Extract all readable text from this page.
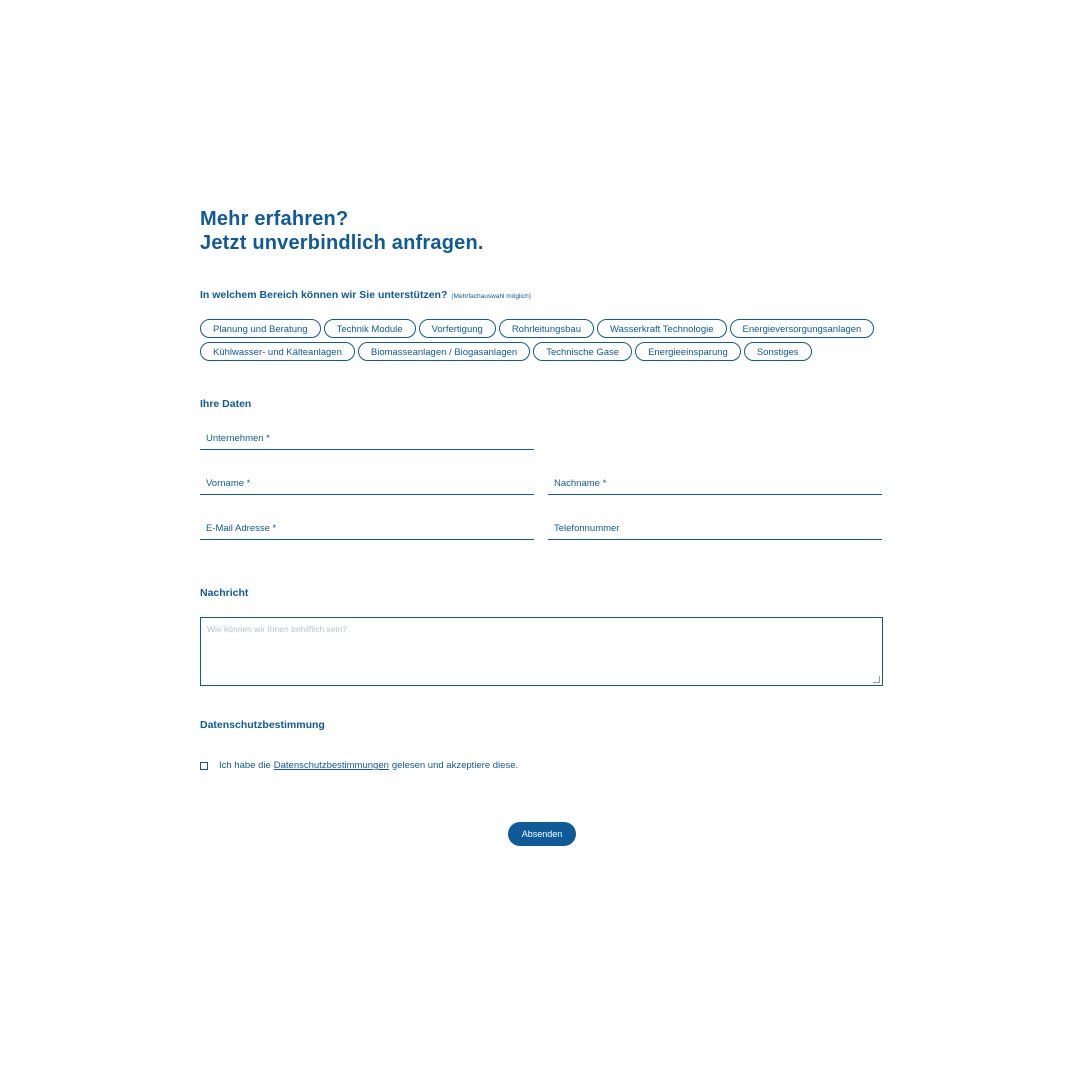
Mehr erfahren?
Jetzt unverbindlich anfragen.
In welchem Bereich können wir Sie unterstützen? (Mehrfachauswahl möglich)
Planung und Beratung	Technik Module	Vorfertigung	Rohrleitungsbau	Wasserkraft Technologie	Energieversorgungsanlagen
Kühlwasser- und Kälteanlagen	Biomasseanlagen / Biogasanlagen	Technische Gase	Energieeinsparung	Sonstiges
Ihre Daten
Unternehmen *
Vorname *	Nachname *
E-Mail Adresse *	Telefonnummer
Nachricht
Wie können wir Ihnen behilflich sein?
Datenschutzbestimmung
Ich habe die Datenschutzbestimmungen gelesen und akzeptiere diese.
Absenden
